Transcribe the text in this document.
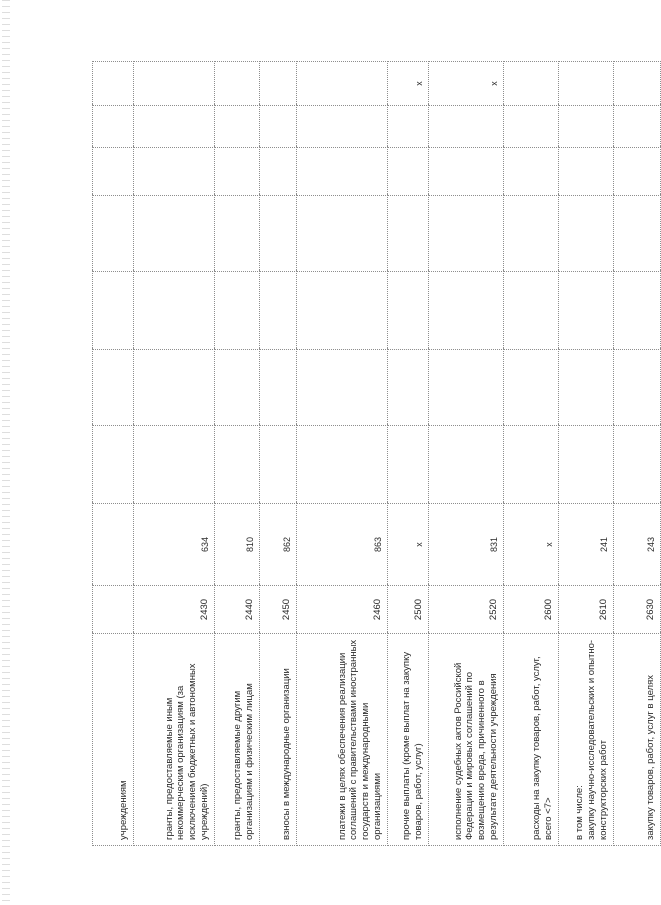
учреждениям									
гранты, предоставляемые иным некоммерческим организациям (за исключением бюджетных и автономных учреждений)	2430	634							
гранты, предоставляемые другим организациям и физическим лицам	2440	810							
взносы в международные организации	2450	862							
платежи в целях обеспечения реализации соглашений с правительствами иностранных государств и международными организациями	2460	863							
прочие выплаты (кроме выплат на закупку товаров, работ, услуг)	2500	x							x
исполнение судебных актов Российской Федерации и мировых соглашений по возмещению вреда, причиненного в результате деятельности учреждения	2520	831							x
расходы на закупку товаров, работ, услуг, всего <7>	2600	x							
в том числе:
закупку научно-исследовательских и опытно-конструкторских работ	2610	241							
закупку товаров, работ, услуг в целях	2630	243							
